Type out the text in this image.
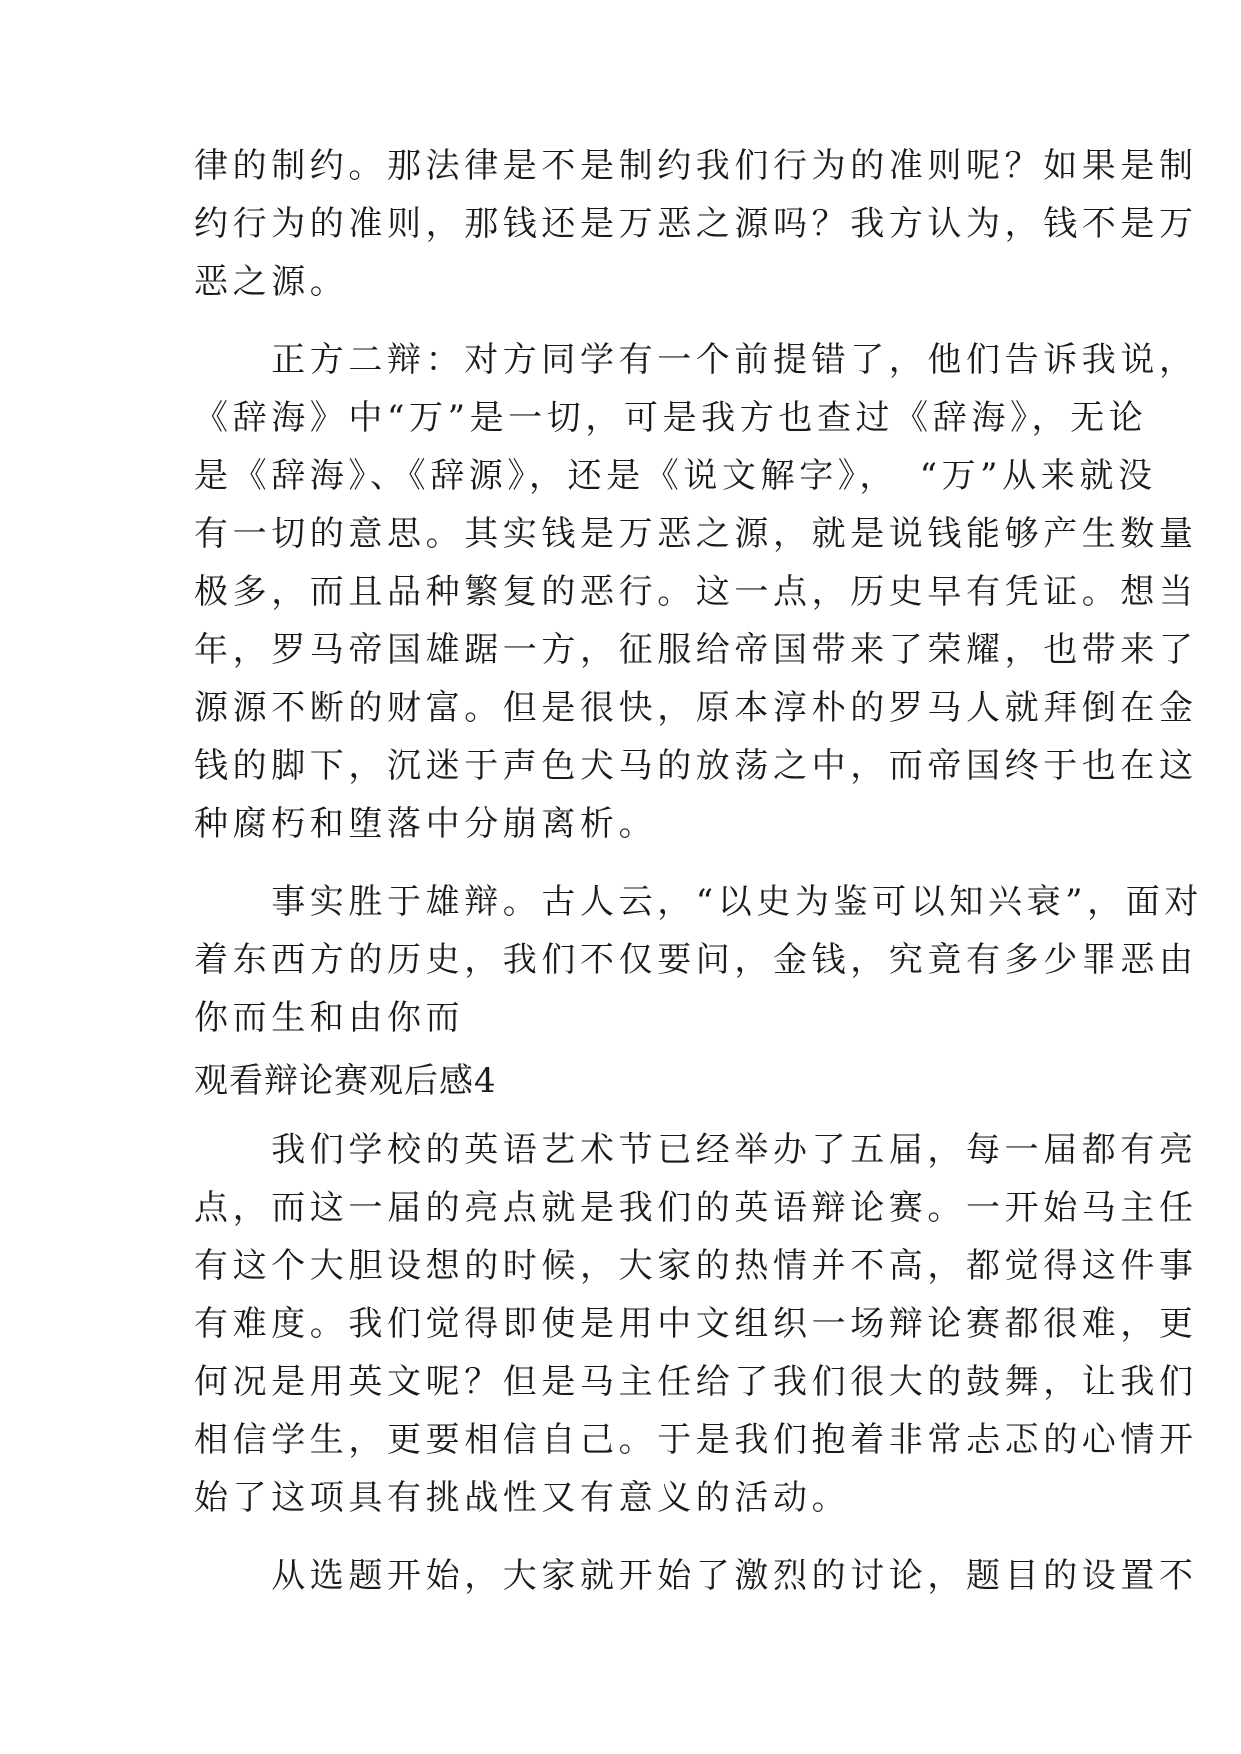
律的制约。那法律是不是制约我们行为的准则呢？如果是制
约行为的准则，那钱还是万恶之源吗？我方认为，钱不是万
恶之源。
　　正方二辩：对方同学有一个前提错了，他们告诉我说，
《辞海》中“万”是一切，可是我方也查过《辞海》，无论
是《辞海》、《辞源》，还是《说文解字》，　“万”从来就没
有一切的意思。其实钱是万恶之源，就是说钱能够产生数量
极多，而且品种繁复的恶行。这一点，历史早有凭证。想当
年，罗马帝国雄踞一方，征服给帝国带来了荣耀，也带来了
源源不断的财富。但是很快，原本淳朴的罗马人就拜倒在金
钱的脚下，沉迷于声色犬马的放荡之中，而帝国终于也在这
种腐朽和堕落中分崩离析。
　　事实胜于雄辩。古人云，“以史为鉴可以知兴衰”，面对
着东西方的历史，我们不仅要问，金钱，究竟有多少罪恶由
你而生和由你而
观看辩论赛观后感4
　　我们学校的英语艺术节已经举办了五届，每一届都有亮
点，而这一届的亮点就是我们的英语辩论赛。一开始马主任
有这个大胆设想的时候，大家的热情并不高，都觉得这件事
有难度。我们觉得即使是用中文组织一场辩论赛都很难，更
何况是用英文呢？但是马主任给了我们很大的鼓舞，让我们
相信学生，更要相信自己。于是我们抱着非常忐忑的心情开
始了这项具有挑战性又有意义的活动。
　　从选题开始，大家就开始了激烈的讨论，题目的设置不
